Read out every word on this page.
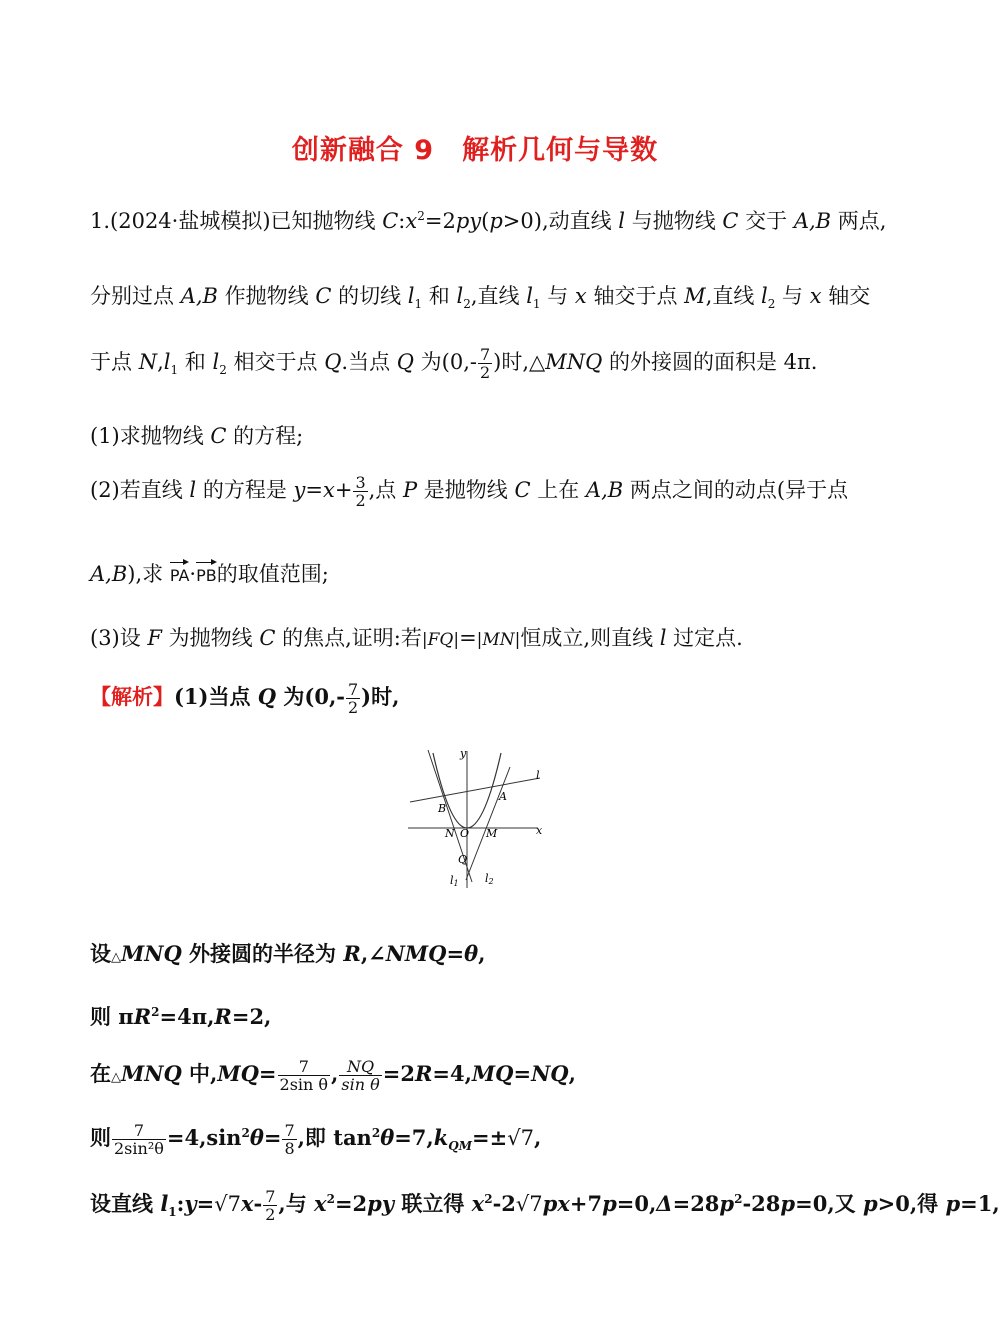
创新融合 9　解析几何与导数
1.(2024·盐城模拟)已知抛物线 $C:x^2=2py(p>0)$,动直线 l 与抛物线 C 交于 A,B 两点,
分别过点 A,B 作抛物线 C 的切线 $l_1$ 和 $l_2$,直线 $l_1$ 与 x 轴交于点 M,直线 $l_2$ 与 x 轴交
于点 $N,l_1$ 和 $l_2$ 相交于点 Q.当点 Q 为($0,- \frac{7}{2}$ )时,△MNQ 的外接圆的面积是 4π.
(1)求抛物线 C 的方程;
(2)若直线 l 的方程是 $y=x+ \frac{3}{2}$ ,点 P 是抛物线 C 上在 A,B 两点之间的动点(异于点
A,B),求 PA·PB的取值范围;
(3)设 F 为抛物线 C 的焦点,证明:若|FQ|=|MN|恒成立,则直线 l 过定点.
【解析】(1)当点 Q 为($0,- \frac{7}{2}$ )时,
y
x
l
A
B
N O M
Q
l1 l2
设△MNQ 外接圆的半径为 R,∠NMQ=θ,
则 $\pi R^2=4\pi,R=2$,
在△MNQ 中$,MQ= \frac{7}{\text{2sin θ}}$ , $\frac{NQ}{\text{sin θ}} =2R=4,MQ=NQ$,
则 $\frac{7}{\text{2sin²θ}} =4,\sin^2\theta= \frac{7}{8}$ ,即 $\tan^2\theta=7,k_{QM}=\pm√7$,
设直线 $l_1:y=√7x- \frac{7}{2}$ ,与 $x^2=2py$ 联立得 $x^2-2√7px+7p=0,\Delta=28p^2-28p=0$,又 p>0,得 p=1,
